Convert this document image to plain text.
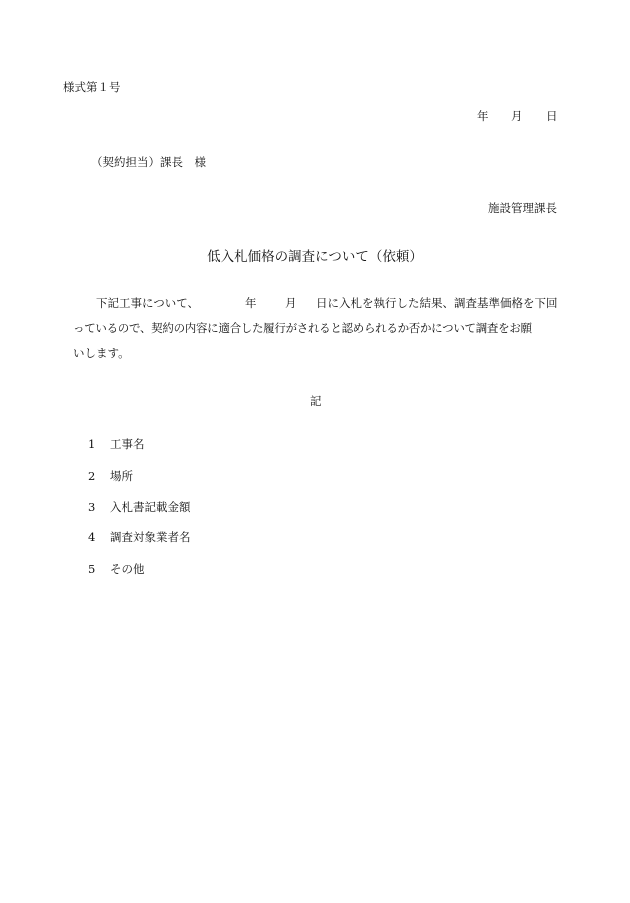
様式第１号
年 月 日
（契約担当）課長　様
施設管理課長
低入札価格の調査について（依頼）
下記工事について、	年 月 日に入札を執行した結果、調査基準価格を下回
っているので、契約の内容に適合した履行がされると認められるか否かについて調査をお願
いします。
記
1 工事名
2 場所
3 入札書記載金額
4 調査対象業者名
5 その他
